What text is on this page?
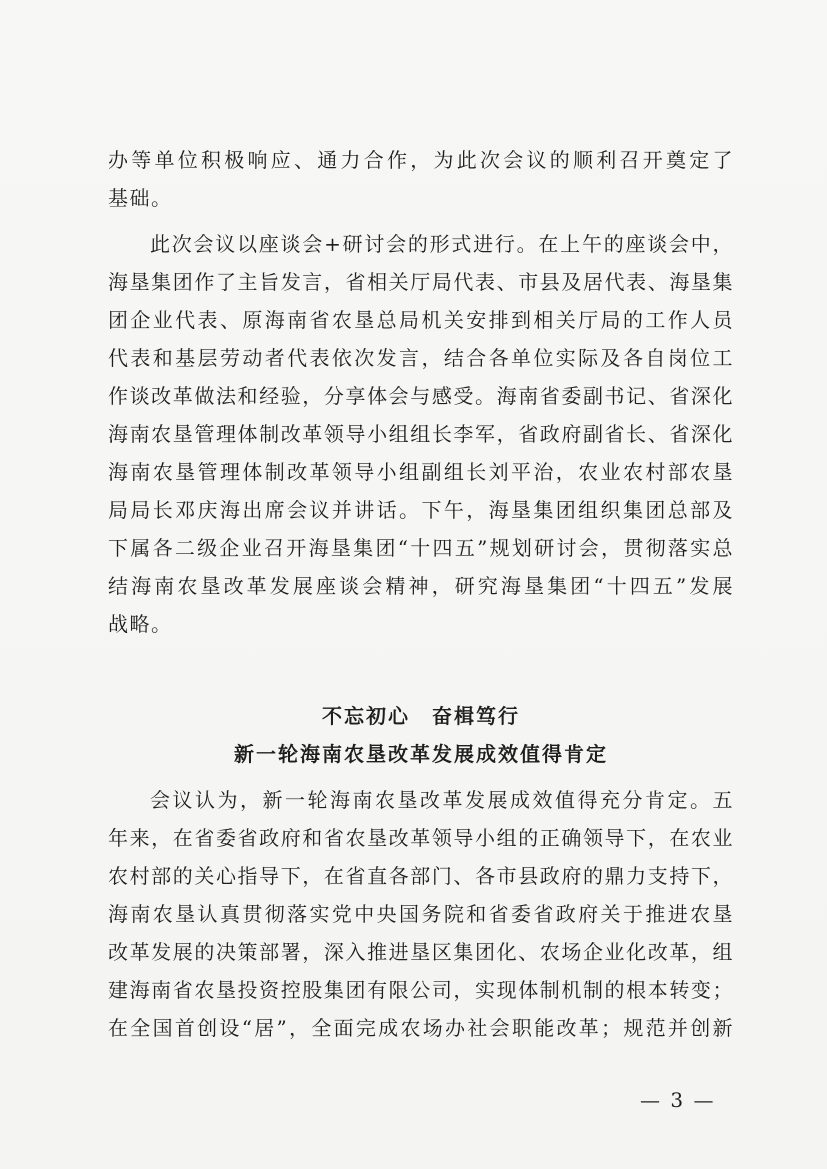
办等单位积极响应、通力合作，为此次会议的顺利召开奠定了
基础。
此次会议以座谈会+研讨会的形式进行。在上午的座谈会中，
海垦集团作了主旨发言，省相关厅局代表、市县及居代表、海垦集
团企业代表、原海南省农垦总局机关安排到相关厅局的工作人员
代表和基层劳动者代表依次发言，结合各单位实际及各自岗位工
作谈改革做法和经验，分享体会与感受。海南省委副书记、省深化
海南农垦管理体制改革领导小组组长李军，省政府副省长、省深化
海南农垦管理体制改革领导小组副组长刘平治，农业农村部农垦
局局长邓庆海出席会议并讲话。下午，海垦集团组织集团总部及
下属各二级企业召开海垦集团“十四五”规划研讨会，贯彻落实总
结海南农垦改革发展座谈会精神，研究海垦集团“十四五”发展
战略。
不忘初心　奋楫笃行
新一轮海南农垦改革发展成效值得肯定
会议认为，新一轮海南农垦改革发展成效值得充分肯定。五
年来，在省委省政府和省农垦改革领导小组的正确领导下，在农业
农村部的关心指导下，在省直各部门、各市县政府的鼎力支持下，
海南农垦认真贯彻落实党中央国务院和省委省政府关于推进农垦
改革发展的决策部署，深入推进垦区集团化、农场企业化改革，组
建海南省农垦投资控股集团有限公司，实现体制机制的根本转变；
在全国首创设“居”，全面完成农场办社会职能改革；规范并创新
— 3 —
